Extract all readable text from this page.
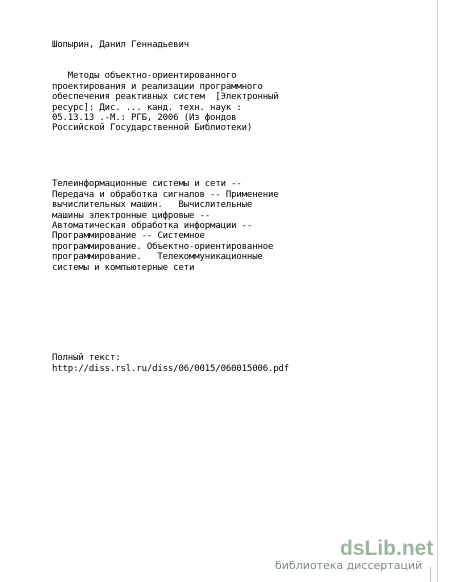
Шопырин, Данил Геннадьевич

Методы объектно-ориентированного
проектирования и реализации программного
обеспечения реактивных систем  [Электронный
ресурс]: Дис. ... канд. техн. наук :
05.13.13 .-М.: РГБ, 2006 (Из фондов
Российской Государственной Библиотеки)

Телеинформационные системы и сети --
Передача и обработка сигналов -- Применение
вычислительных машин.   Вычислительные
машины электронные цифровые --
Автоматическая обработка информации --
Программирование -- Системное
программирование. Объектно-ориентированное
программирование.   Телекоммуникационные
системы и компьютерные сети

Полный текст:
http://diss.rsl.ru/diss/06/0015/060015006.pdf

dsLib.net
библиотека диссертаций
